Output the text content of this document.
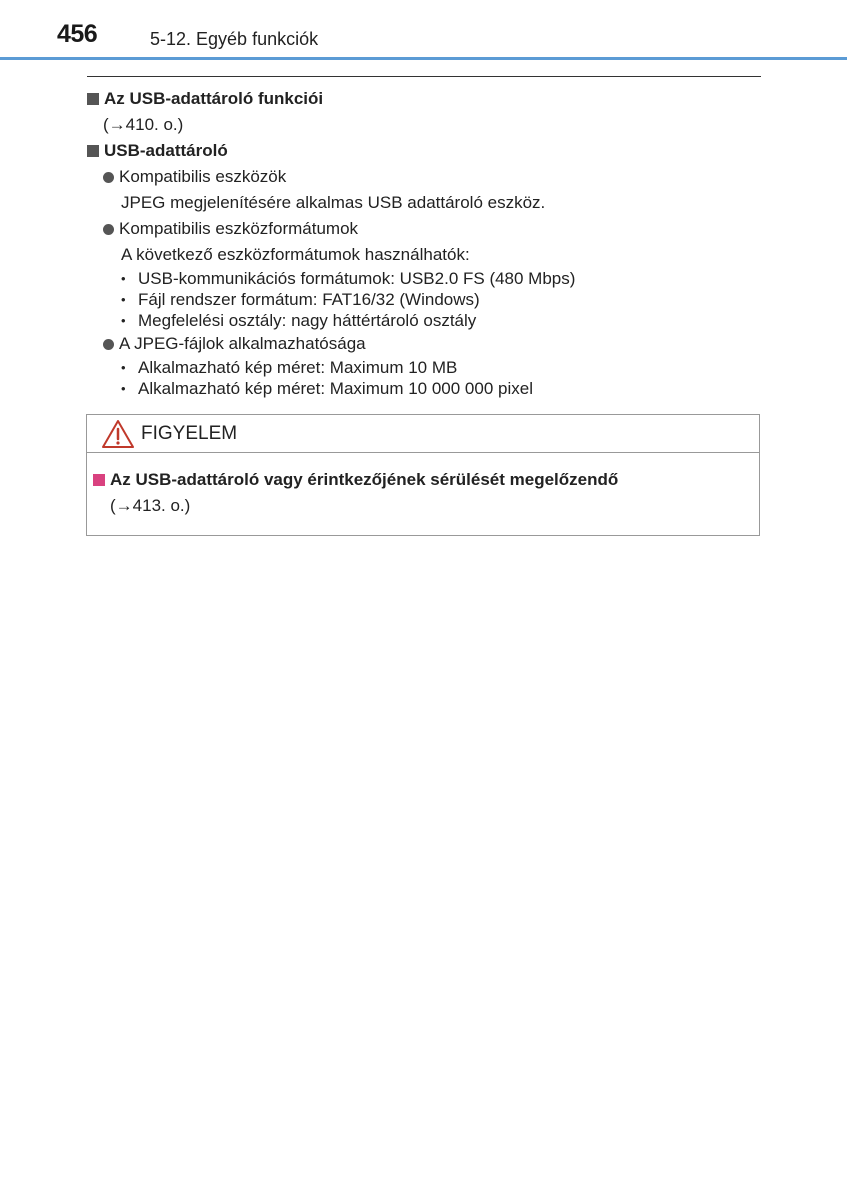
456	5-12. Egyéb funkciók
Az USB-adattároló funkciói
(→410. o.)
USB-adattároló
Kompatibilis eszközök
JPEG megjelenítésére alkalmas USB adattároló eszköz.
Kompatibilis eszközformátumok
A következő eszközformátumok használhatók:
• USB-kommunikációs formátumok: USB2.0 FS (480 Mbps)
• Fájl rendszer formátum: FAT16/32 (Windows)
• Megfelelési osztály: nagy háttértároló osztály
A JPEG-fájlok alkalmazhatósága
• Alkalmazható kép méret: Maximum 10 MB
• Alkalmazható kép méret: Maximum 10 000 000 pixel
FIGYELEM
Az USB-adattároló vagy érintkezőjének sérülését megelőzendő
(→413. o.)
